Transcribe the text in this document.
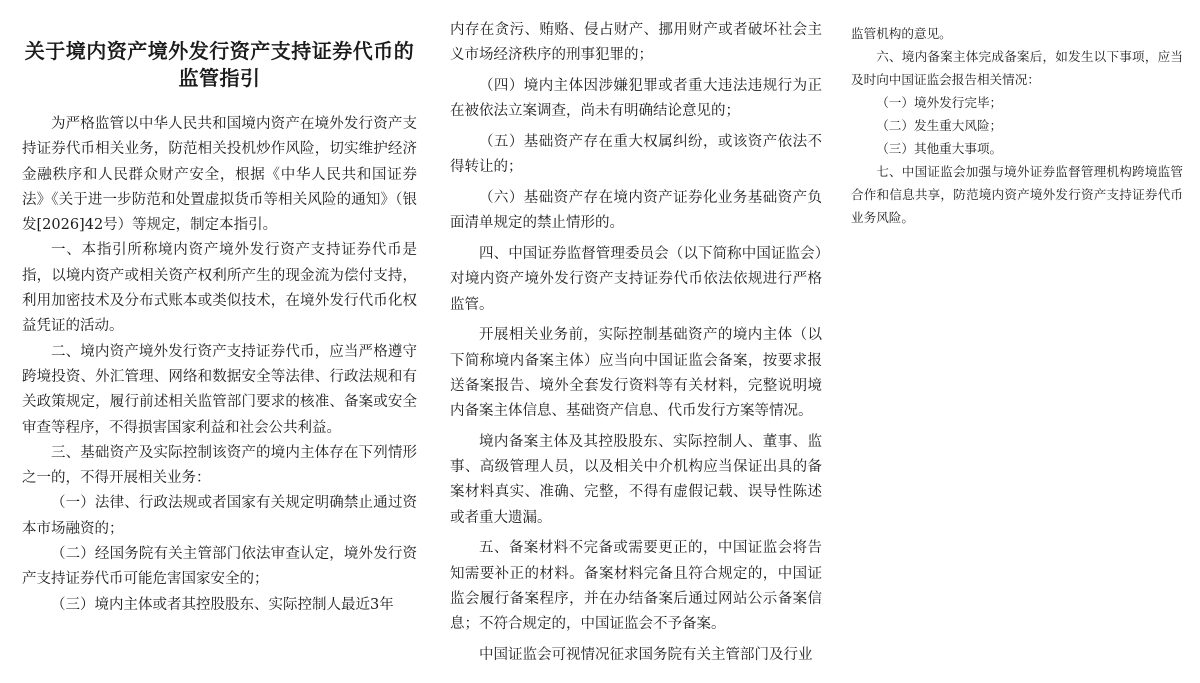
关于境内资产境外发行资产支持证券代币的监管指引

为严格监管以中华人民共和国境内资产在境外发行资产支持证券代币相关业务，防范相关投机炒作风险，切实维护经济金融秩序和人民群众财产安全，根据《中华人民共和国证券法》《关于进一步防范和处置虚拟货币等相关风险的通知》（银发[2026]42号）等规定，制定本指引。

一、本指引所称境内资产境外发行资产支持证券代币是指，以境内资产或相关资产权利所产生的现金流为偿付支持，利用加密技术及分布式账本或类似技术，在境外发行代币化权益凭证的活动。

二、境内资产境外发行资产支持证券代币，应当严格遵守跨境投资、外汇管理、网络和数据安全等法律、行政法规和有关政策规定，履行前述相关监管部门要求的核准、备案或安全审查等程序，不得损害国家利益和社会公共利益。

三、基础资产及实际控制该资产的境内主体存在下列情形之一的，不得开展相关业务：

（一）法律、行政法规或者国家有关规定明确禁止通过资本市场融资的；

（二）经国务院有关主管部门依法审查认定，境外发行资产支持证券代币可能危害国家安全的；

（三）境内主体或者其控股股东、实际控制人最近3年

内存在贪污、贿赂、侵占财产、挪用财产或者破坏社会主义市场经济秩序的刑事犯罪的；

（四）境内主体因涉嫌犯罪或者重大违法违规行为正在被依法立案调查，尚未有明确结论意见的；

（五）基础资产存在重大权属纠纷，或该资产依法不得转让的；

（六）基础资产存在境内资产证券化业务基础资产负面清单规定的禁止情形的。

四、中国证券监督管理委员会（以下简称中国证监会）对境内资产境外发行资产支持证券代币依法依规进行严格监管。

开展相关业务前，实际控制基础资产的境内主体（以下简称境内备案主体）应当向中国证监会备案，按要求报送备案报告、境外全套发行资料等有关材料，完整说明境内备案主体信息、基础资产信息、代币发行方案等情况。

境内备案主体及其控股股东、实际控制人、董事、监事、高级管理人员，以及相关中介机构应当保证出具的备案材料真实、准确、完整，不得有虚假记载、误导性陈述或者重大遗漏。

五、备案材料不完备或需要更正的，中国证监会将告知需要补正的材料。备案材料完备且符合规定的，中国证监会履行备案程序，并在办结备案后通过网站公示备案信息；不符合规定的，中国证监会不予备案。

中国证监会可视情况征求国务院有关主管部门及行业

监管机构的意见。

六、境内备案主体完成备案后，如发生以下事项，应当及时向中国证监会报告相关情况：

（一）境外发行完毕；

（二）发生重大风险；

（三）其他重大事项。

七、中国证监会加强与境外证券监督管理机构跨境监管合作和信息共享，防范境内资产境外发行资产支持证券代币业务风险。
